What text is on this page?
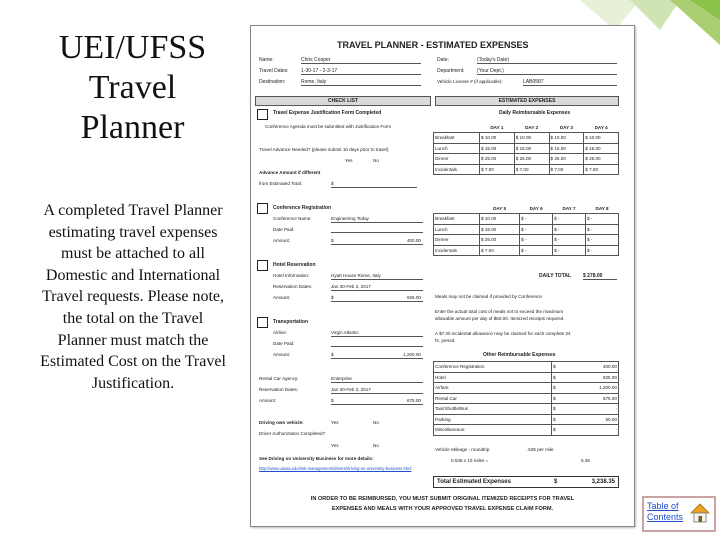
UEI/UFSS
Travel
Planner
A completed Travel Planner estimating travel expenses must be attached to all Domestic and International Travel requests. Please note, the total on the Travel Planner must match the Estimated Cost on the Travel Justification.
TRAVEL PLANNER - ESTIMATED EXPENSES
Name:	Chris Cooper
Travel Dates: 1-30-17 - 2-3-17
Destination:	Rome, Italy
Date:	(Today's Date)
Department: (Your Dept.)
Vehicle License # (if applicable):	LAB0587
CHECK LIST	ESTIMATED EXPENSES
Travel Expense Justification Form Completed
Conference Agenda must be submitted with Justification Form
Travel Advance Needed? (please submit 10 days prior to travel)
Yes	No
Advance Amount if different
from Estimated Total:	$
Conference Registration
Conference Name:	Engineering Today
Date Paid:
Amount:	$	400.00
Hotel Reservation
Hotel Information:	Hyatt House Rome, Italy
Reservation Dates:	Jan 30-Feb 3, 2017
Amount:	$	825.00
Transportation
Airline:	Virgin Atlantic
Date Paid:
Amount:	$	1,200.00
Rental Car Agency:	Enterprise
Reservation Dates:	Jan 30-Feb 3, 2017
Amount:	$	675.00
Driving own vehicle:	Yes	No
Driver Authorization Completed?
Yes	No
See Driving on University Business for more details:
http://www.uiowa.edu/risk-management/drivers/driving-on-university-business.html
Daily Reimbursable Expenses
	DAY 1	DAY 2	DAY 3	DAY 4
Breakfast	$ 10.00	$ 10.00	$ 10.00	$ 10.00
Lunch	$ 15.00	$ 15.00	$ 15.00	$ 15.00
Dinner	$ 25.00	$ 25.00	$ 25.00	$ 25.00
Incidentals	$ 7.00	$ 7.00	$ 7.00	$ 7.00
	DAY 5	DAY 6	DAY 7	DAY 8
Breakfast	$ 10.00	$ -	$ -	$ -
Lunch	$ 15.00	$ -	$ -	$ -
Dinner	$ 25.00	$ -	$ -	$ -
Incidentals	$ 7.00	$ -	$ -	$ -
DAILY TOTAL $ 278.00
Meals may not be claimed if provided by Conference
Enter the actual total cost of meals not to exceed the maximum
allowable amount per day of $50.00. Itemized receipts required.
A $7.00 incidental allowance may be claimed for each complete 24
hr. period.
Other Reimbursable Expenses
Conference Registration	$	400.00
Hotel	$	825.00
Airfare	$	1,200.00
Rental Car	$	675.00
Taxi/Shuttle/Bus	$	-
Parking	$	50.00
Miscellaneous:	$	-
Vehicle Mileage - roundtrip	.535 per mile
0.535 x 10 miles =	5.35
Total Estimated Expenses	$	3,238.35
IN ORDER TO BE REIMBURSED, YOU MUST SUBMIT ORIGINAL ITEMIZED RECEIPTS FOR TRAVEL
EXPENSES AND MEALS WITH YOUR APPROVED TRAVEL EXPENSE CLAIM FORM.	Table of
Contents
